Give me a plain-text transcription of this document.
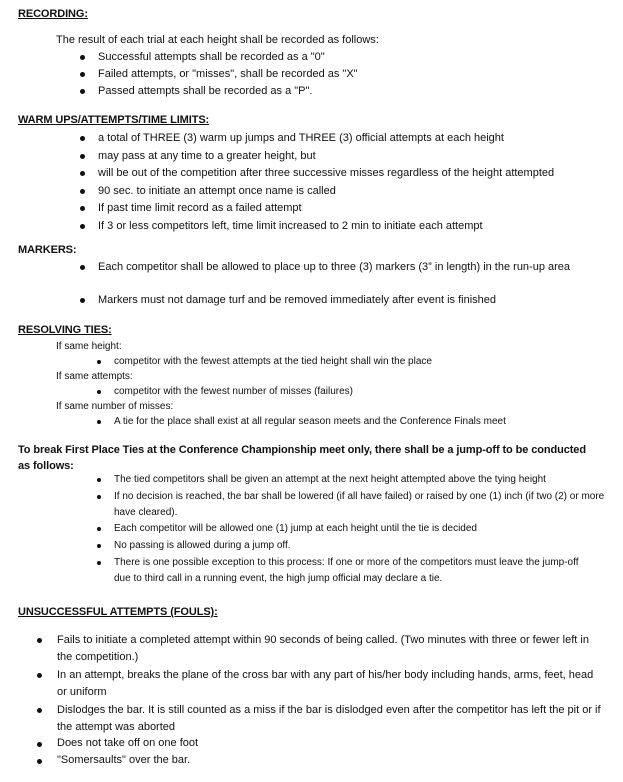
RECORDING:
The result of each trial at each height shall be recorded as follows:
Successful attempts shall be recorded as a "0"
Failed attempts, or "misses", shall be recorded as "X"
Passed attempts shall be recorded as a "P".
WARM UPS/ATTEMPTS/TIME LIMITS:
a total of THREE (3) warm up jumps and THREE (3) official attempts at each height
may pass at any time to a greater height, but
will be out of the competition after three successive misses regardless of the height attempted
90 sec. to initiate an attempt once name is called
If past time limit record as a failed attempt
If 3 or less competitors left, time limit increased to 2 min to initiate each attempt
MARKERS:
Each competitor shall be allowed to place up to three (3) markers (3” in length) in the run-up area
Markers must not damage turf and be removed immediately after event is finished
RESOLVING TIES:
If same height:
competitor with the fewest attempts at the tied height shall win the place
If same attempts:
competitor with the fewest number of misses (failures)
If same number of misses:
A tie for the place shall exist at all regular season meets and the Conference Finals meet
To break First Place Ties at the Conference Championship meet only, there shall be a jump-off to be conducted as follows:
The tied competitors shall be given an attempt at the next height attempted above the tying height
If no decision is reached, the bar shall be lowered (if all have failed) or raised by one (1) inch (if two (2) or more have cleared).
Each competitor will be allowed one (1) jump at each height until the tie is decided
No passing is allowed during a jump off.
There is one possible exception to this process: If one or more of the competitors must leave the jump-off due to third call in a running event, the high jump official may declare a tie.
UNSUCCESSFUL ATTEMPTS (FOULS):
Fails to initiate a completed attempt within 90 seconds of being called. (Two minutes with three or fewer left in the competition.)
In an attempt, breaks the plane of the cross bar with any part of his/her body including hands, arms, feet, head or uniform
Dislodges the bar. It is still counted as a miss if the bar is dislodged even after the competitor has left the pit or if the attempt was aborted
Does not take off on one foot
"Somersaults" over the bar.
